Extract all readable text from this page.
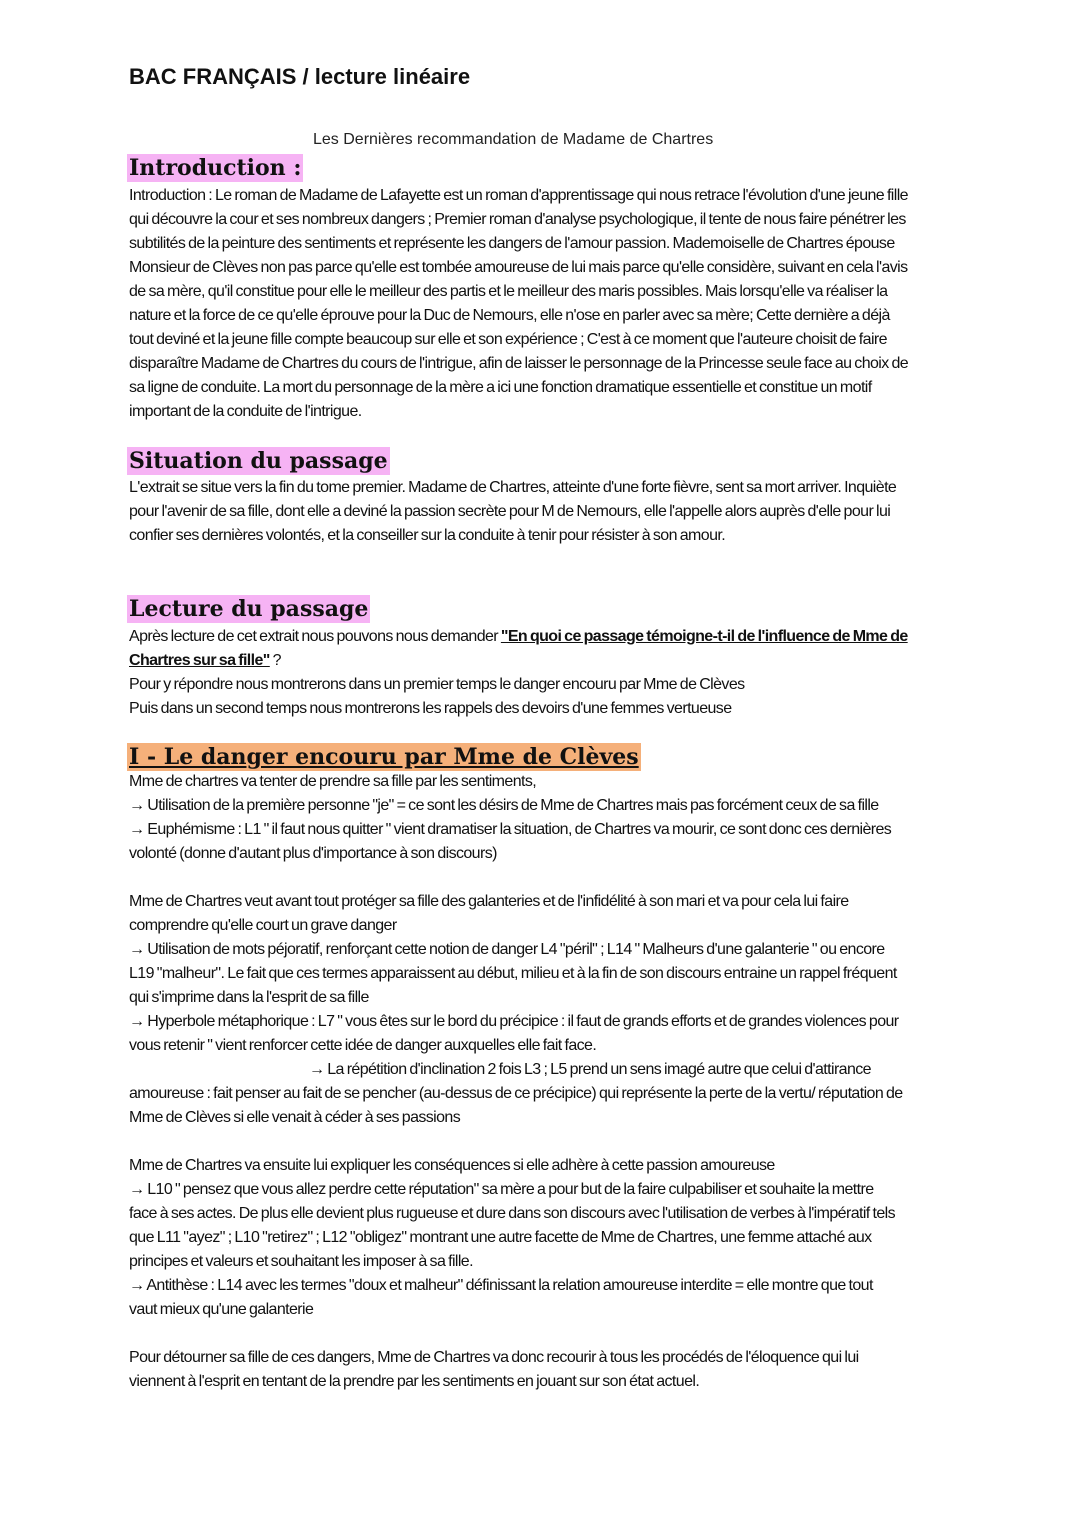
BAC FRANÇAIS / lecture linéaire
Les Dernières recommandation de Madame de Chartres
Introduction :
Introduction : Le roman de Madame de Lafayette est un roman d'apprentissage qui nous retrace l'évolution d'une jeune fille
qui découvre la cour et ses nombreux dangers ; Premier roman d'analyse psychologique, il tente de nous faire pénétrer les
subtilités de la peinture des sentiments et représente les dangers de l'amour passion. Mademoiselle de Chartres épouse
Monsieur de Clèves non pas parce qu'elle est tombée amoureuse de lui mais parce qu'elle considère, suivant en cela l'avis
de sa mère, qu'il constitue pour elle le meilleur des partis et le meilleur des maris possibles. Mais lorsqu'elle va réaliser la
nature et la force de ce qu'elle éprouve pour la Duc de Nemours, elle n'ose en parler avec sa mère; Cette dernière a déjà
tout deviné et la jeune fille compte beaucoup sur elle et son expérience ; C'est à ce moment que l'auteure choisit de faire
disparaître Madame de Chartres du cours de l'intrigue, afin de laisser le personnage de la Princesse seule face au choix de
sa ligne de conduite. La mort du personnage de la mère a ici une fonction dramatique essentielle et constitue un motif
important de la conduite de l'intrigue.
Situation du passage
L'extrait se situe vers la fin du tome premier. Madame de Chartres, atteinte d'une forte fièvre, sent sa mort arriver. Inquiète
pour l'avenir de sa fille, dont elle a deviné la passion secrète pour M de Nemours, elle l'appelle alors auprès d'elle pour lui
confier ses dernières volontés, et la conseiller sur la conduite à tenir pour résister à son amour.
Lecture du passage
Après lecture de cet extrait nous pouvons nous demander "En quoi ce passage témoigne-t-il de l'influence de Mme de
Chartres sur sa fille" ?
Pour y répondre nous montrerons dans un premier temps le danger encouru par Mme de Clèves
Puis dans un second temps nous montrerons les rappels des devoirs d'une femmes vertueuse
I - Le danger encouru par Mme de Clèves
Mme de chartres va tenter de prendre sa fille par les sentiments,
→ Utilisation de la première personne "je" = ce sont les désirs de Mme de Chartres mais pas forcément ceux de sa fille
→ Euphémisme : L1 " il faut nous quitter " vient dramatiser la situation, de Chartres va mourir, ce sont donc ces dernières
volonté (donne d'autant plus d'importance à son discours)
Mme de Chartres veut avant tout protéger sa fille des galanteries et de l'infidélité à son mari et va pour cela lui faire
comprendre qu'elle court un grave danger
→ Utilisation de mots péjoratif, renforçant cette notion de danger L4 "péril" ; L14 " Malheurs d'une galanterie " ou encore
L19 "malheur". Le fait que ces termes apparaissent au début, milieu et à la fin de son discours entraine un rappel fréquent
qui s'imprime dans la l'esprit de sa fille
→ Hyperbole métaphorique : L7 " vous êtes sur le bord du précipice : il faut de grands efforts et de grandes violences pour
vous retenir " vient renforcer cette idée de danger auxquelles elle fait face.
→ La répétition d'inclination 2 fois L3 ; L5 prend un sens imagé autre que celui d'attirance
amoureuse : fait penser au fait de se pencher (au-dessus de ce précipice) qui représente la perte de la vertu/ réputation de
Mme de Clèves si elle venait à céder à ses passions
Mme de Chartres va ensuite lui expliquer les conséquences si elle adhère à cette passion amoureuse
→ L10 " pensez que vous allez perdre cette réputation" sa mère a pour but de la faire culpabiliser et souhaite la mettre
face à ses actes. De plus elle devient plus rugueuse et dure dans son discours avec l'utilisation de verbes à l'impératif tels
que L11 "ayez" ; L10 "retirez" ; L12 "obligez" montrant une autre facette de Mme de Chartres, une femme attaché aux
principes et valeurs et souhaitant les imposer à sa fille.
→ Antithèse : L14 avec les termes "doux et malheur" définissant la relation amoureuse interdite = elle montre que tout
vaut mieux qu'une galanterie
Pour détourner sa fille de ces dangers, Mme de Chartres va donc recourir à tous les procédés de l'éloquence qui lui
viennent à l'esprit en tentant de la prendre par les sentiments en jouant sur son état actuel.
